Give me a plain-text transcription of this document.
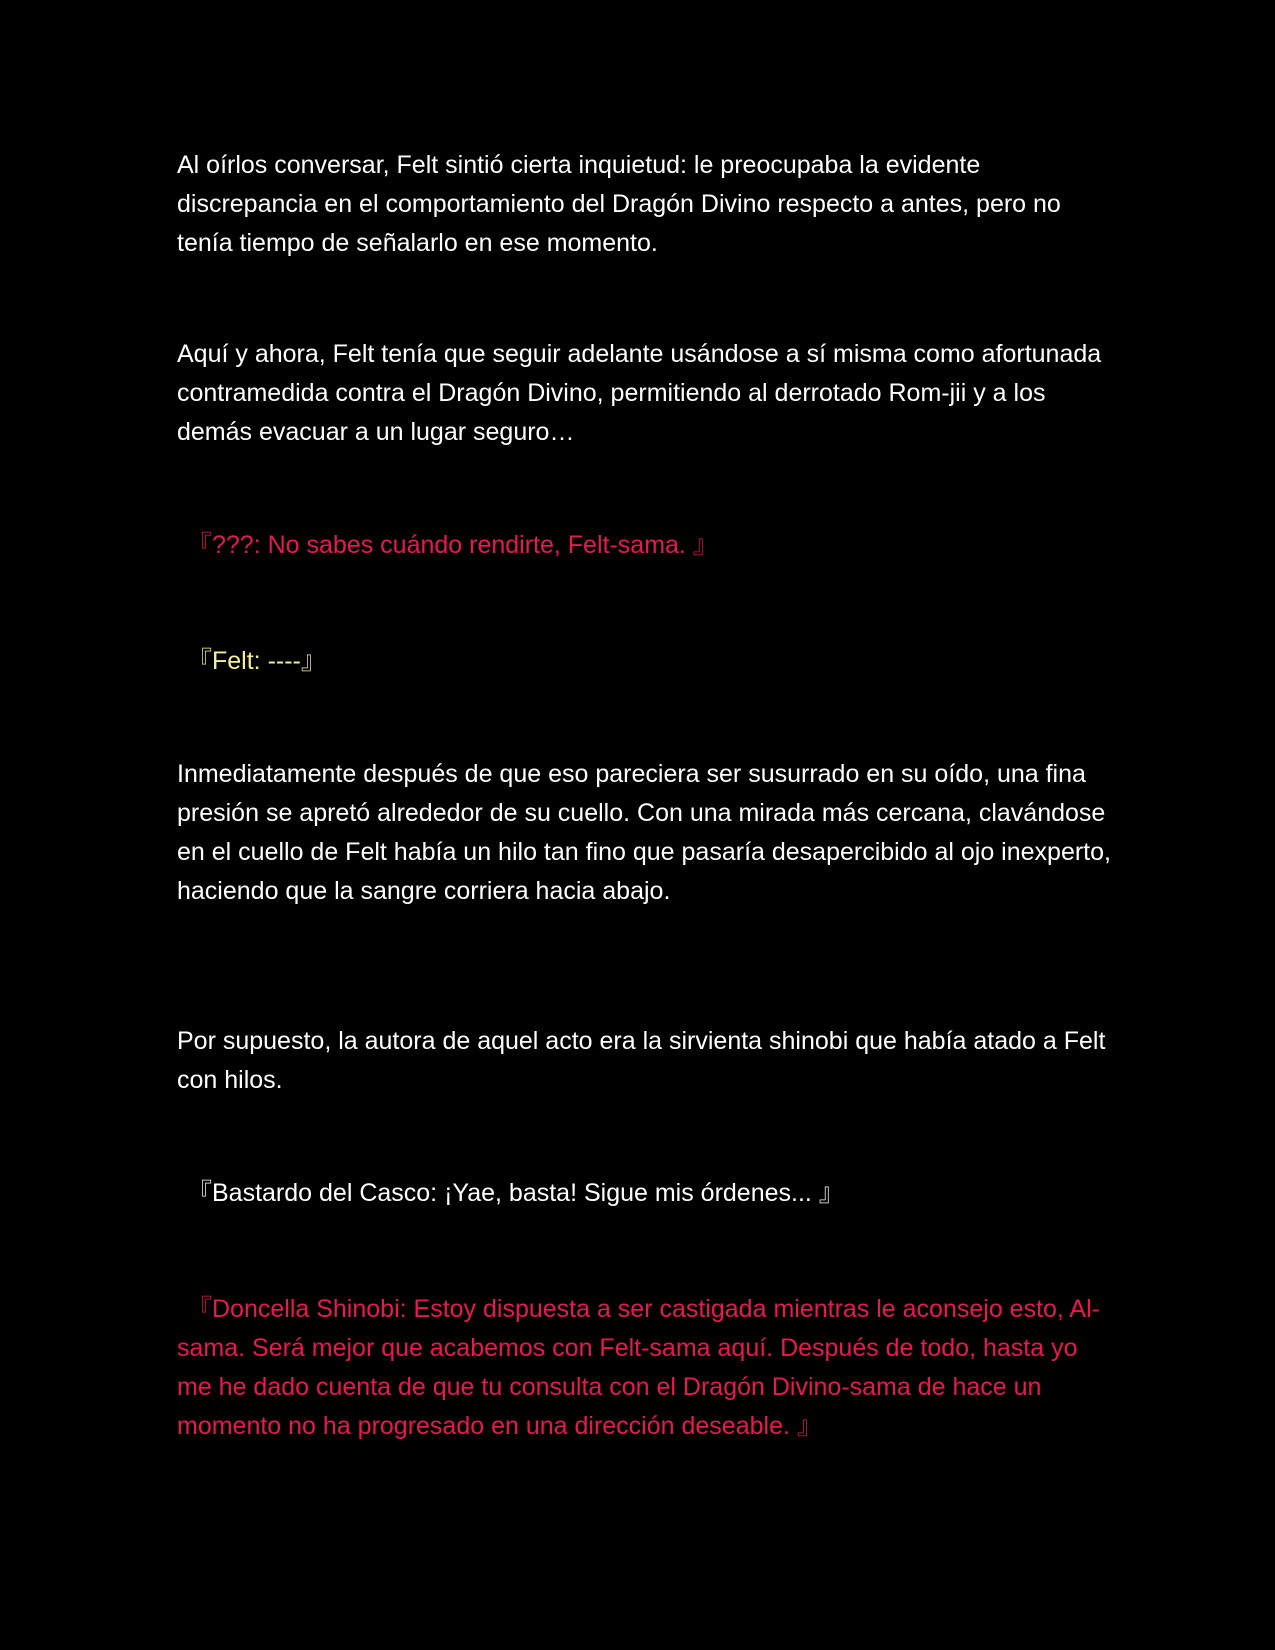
Al oírlos conversar, Felt sintió cierta inquietud: le preocupaba la evidente discrepancia en el comportamiento del Dragón Divino respecto a antes, pero no tenía tiempo de señalarlo en ese momento.

Aquí y ahora, Felt tenía que seguir adelante usándose a sí misma como afortunada contramedida contra el Dragón Divino, permitiendo al derrotado Rom-jii y a los demás evacuar a un lugar seguro…

『???: No sabes cuándo rendirte, Felt-sama. 』

『Felt: ----』

Inmediatamente después de que eso pareciera ser susurrado en su oído, una fina presión se apretó alrededor de su cuello. Con una mirada más cercana, clavándose en el cuello de Felt había un hilo tan fino que pasaría desapercibido al ojo inexperto, haciendo que la sangre corriera hacia abajo.

Por supuesto, la autora de aquel acto era la sirvienta shinobi que había atado a Felt con hilos.

『Bastardo del Casco: ¡Yae, basta! Sigue mis órdenes... 』

『Doncella Shinobi: Estoy dispuesta a ser castigada mientras le aconsejo esto, Al-sama. Será mejor que acabemos con Felt-sama aquí. Después de todo, hasta yo me he dado cuenta de que tu consulta con el Dragón Divino-sama de hace un momento no ha progresado en una dirección deseable. 』
